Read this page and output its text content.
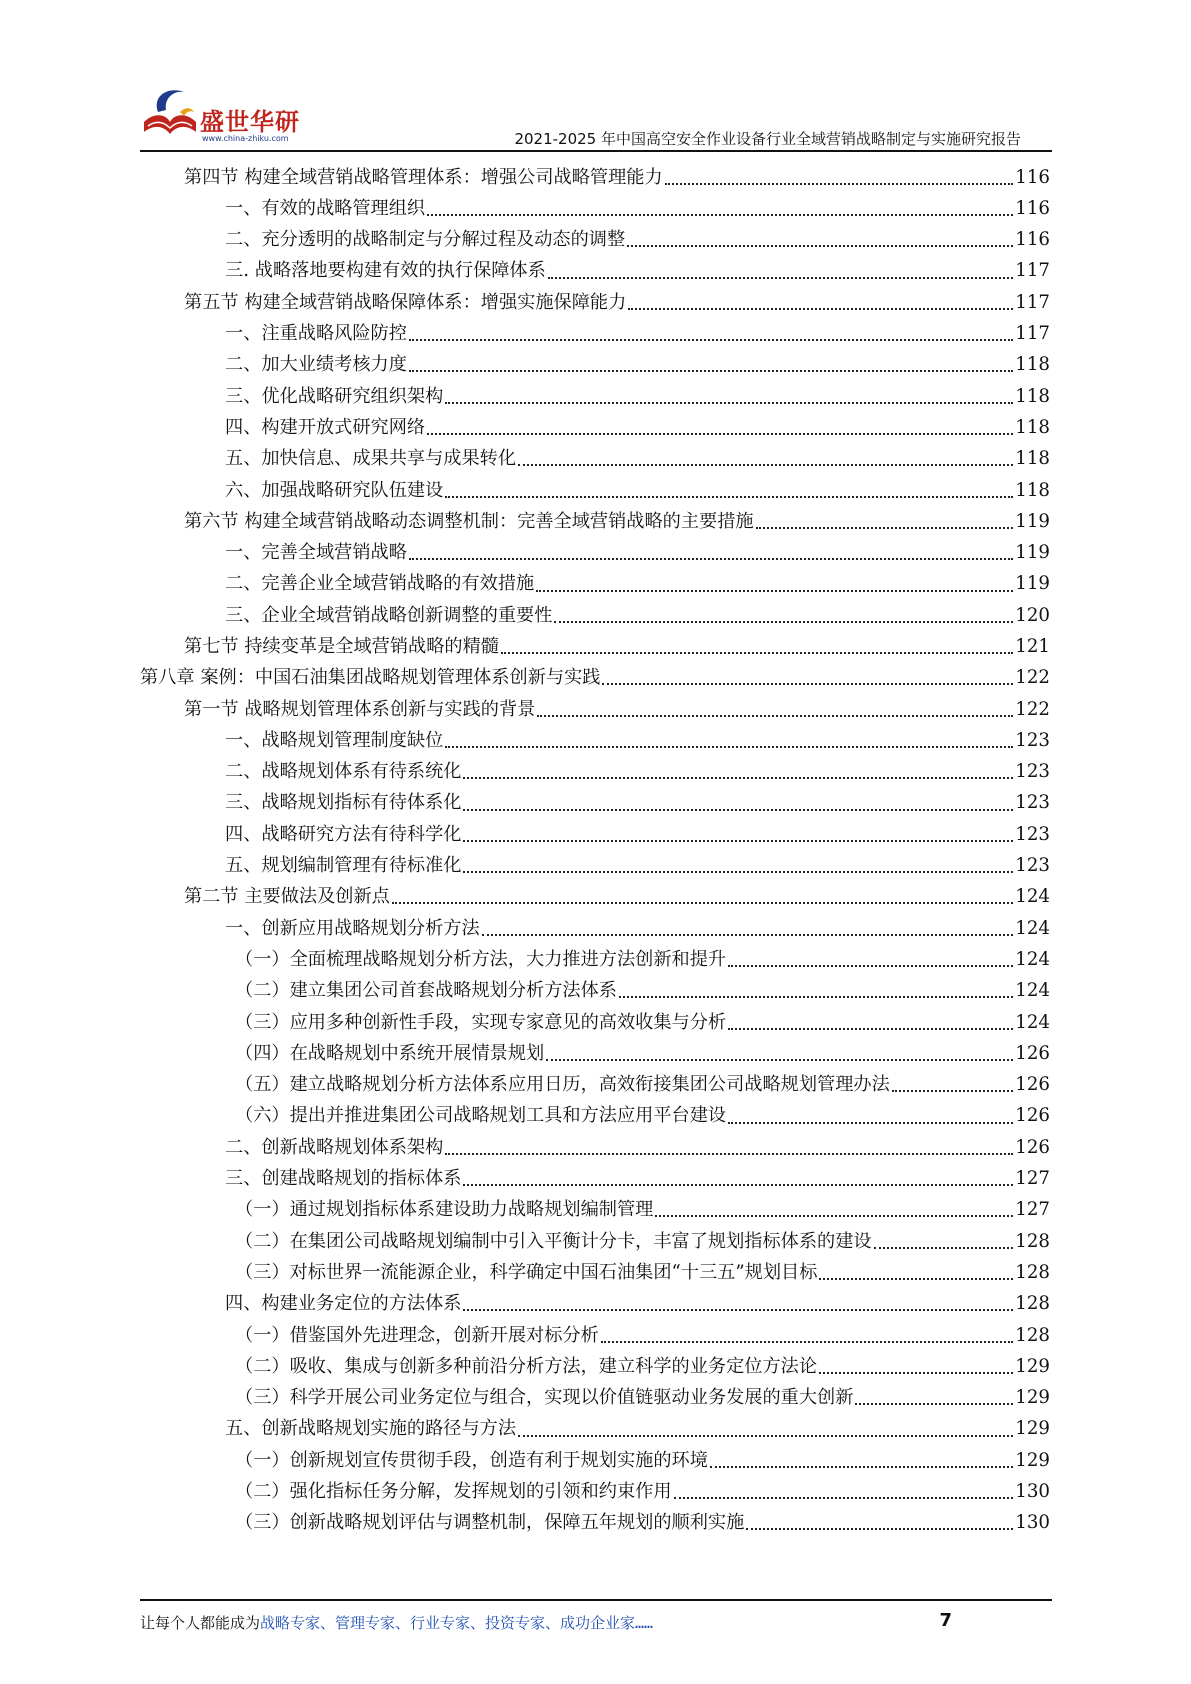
盛世华研
www.china-zhiku.com	2021-2025 年中国高空安全作业设备行业全域营销战略制定与实施研究报告
第四节 构建全域营销战略管理体系：增强公司战略管理能力	116
一、有效的战略管理组织	116
二、充分透明的战略制定与分解过程及动态的调整	116
三. 战略落地要构建有效的执行保障体系	117
第五节 构建全域营销战略保障体系：增强实施保障能力	117
一、注重战略风险防控	117
二、加大业绩考核力度	118
三、优化战略研究组织架构	118
四、构建开放式研究网络	118
五、加快信息、成果共享与成果转化	118
六、加强战略研究队伍建设	118
第六节 构建全域营销战略动态调整机制：完善全域营销战略的主要措施	119
一、完善全域营销战略	119
二、完善企业全域营销战略的有效措施	119
三、企业全域营销战略创新调整的重要性	120
第七节 持续变革是全域营销战略的精髓	121
第八章 案例：中国石油集团战略规划管理体系创新与实践	122
第一节 战略规划管理体系创新与实践的背景	122
一、战略规划管理制度缺位	123
二、战略规划体系有待系统化	123
三、战略规划指标有待体系化	123
四、战略研究方法有待科学化	123
五、规划编制管理有待标准化	123
第二节 主要做法及创新点	124
一、创新应用战略规划分析方法	124
（一）全面梳理战略规划分析方法，大力推进方法创新和提升	124
（二）建立集团公司首套战略规划分析方法体系	124
（三）应用多种创新性手段，实现专家意见的高效收集与分析	124
（四）在战略规划中系统开展情景规划	126
（五）建立战略规划分析方法体系应用日历，高效衔接集团公司战略规划管理办法	126
（六）提出并推进集团公司战略规划工具和方法应用平台建设	126
二、创新战略规划体系架构	126
三、创建战略规划的指标体系	127
（一）通过规划指标体系建设助力战略规划编制管理	127
（二）在集团公司战略规划编制中引入平衡计分卡，丰富了规划指标体系的建设	128
（三）对标世界一流能源企业，科学确定中国石油集团“十三五”规划目标	128
四、构建业务定位的方法体系	128
（一）借鉴国外先进理念，创新开展对标分析	128
（二）吸收、集成与创新多种前沿分析方法，建立科学的业务定位方法论	129
（三）科学开展公司业务定位与组合，实现以价值链驱动业务发展的重大创新	129
五、创新战略规划实施的路径与方法	129
（一）创新规划宣传贯彻手段，创造有利于规划实施的环境	129
（二）强化指标任务分解，发挥规划的引领和约束作用	130
（三）创新战略规划评估与调整机制，保障五年规划的顺利实施	130
让每个人都能成为战略专家、管理专家、行业专家、投资专家、成功企业家……	7
